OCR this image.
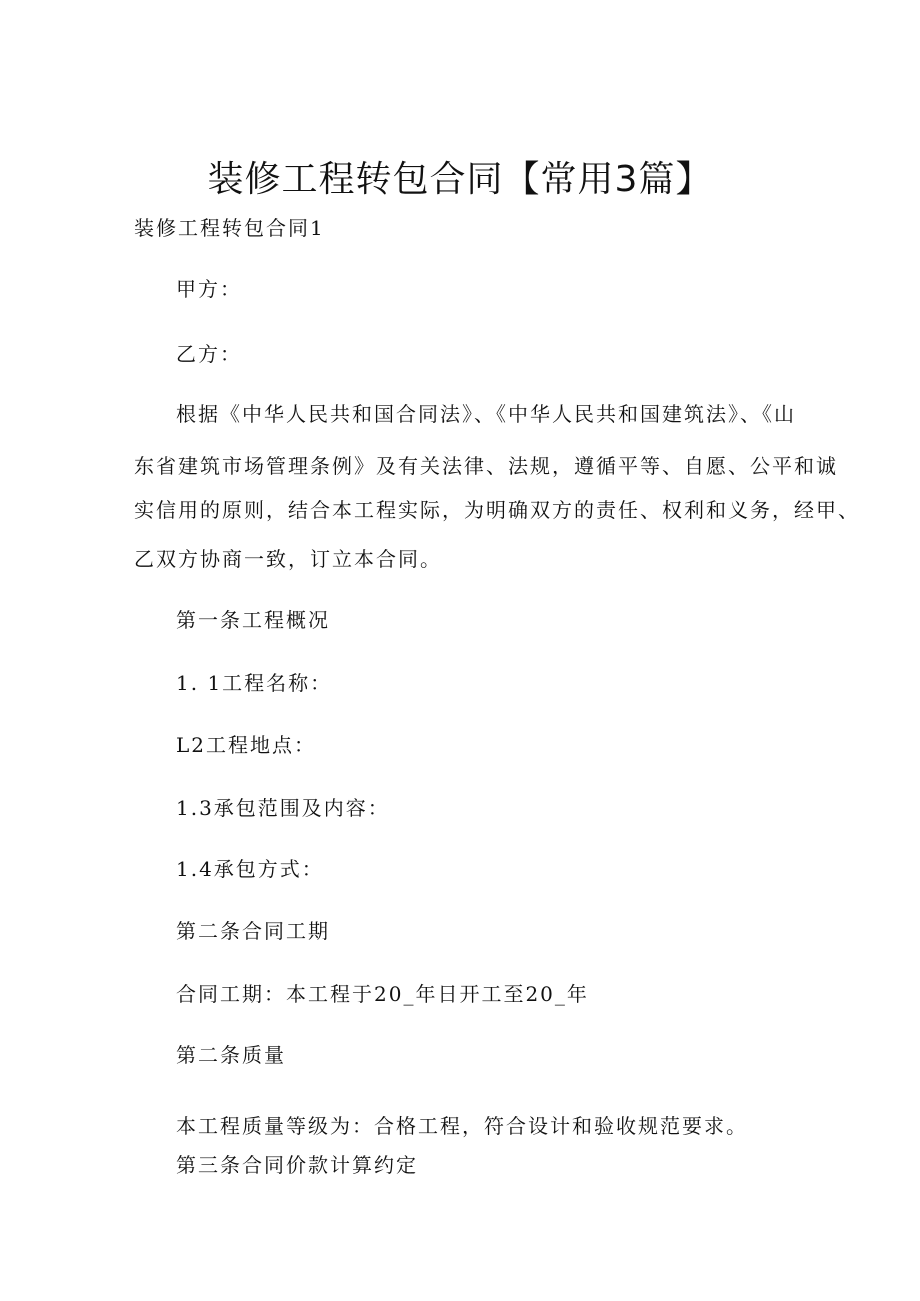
装修工程转包合同【常用3篇】

装修工程转包合同1

甲方：

乙方：

根据《中华人民共和国合同法》、《中华人民共和国建筑法》、《山

东省建筑市场管理条例》及有关法律、法规，遵循平等、自愿、公平和诚

实信用的原则，结合本工程实际，为明确双方的责任、权利和义务，经甲、

乙双方协商一致，订立本合同。

第一条工程概况

1. 1工程名称：

L2工程地点：

1.3承包范围及内容：

1.4承包方式：

第二条合同工期

合同工期：本工程于20_年日开工至20_年

第二条质量

本工程质量等级为：合格工程，符合设计和验收规范要求。

第三条合同价款计算约定
